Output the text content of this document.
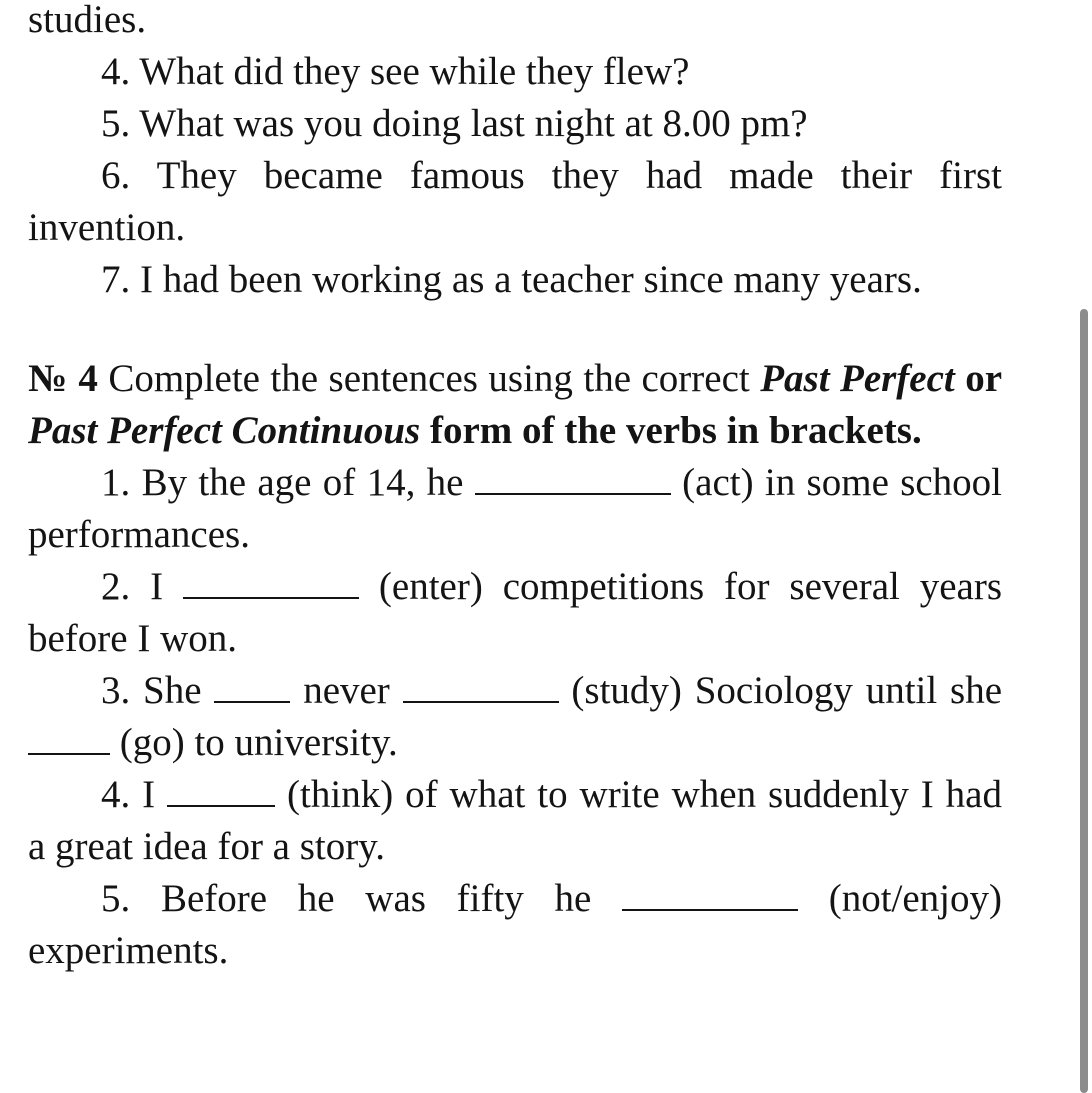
studies.

4. What did they see while they flew?

5. What was you doing last night at 8.00 pm?

6. They became famous they had made their first invention.

7. I had been working as a teacher since many years.

№ 4 Complete the sentences using the correct Past Perfect or Past Perfect Continuous form of the verbs in brackets.

1. By the age of 14, he	(act) in some school performances.

2. I	(enter) competitions for several years before I won.

3. She	never	(study) Sociology until she  (go) to university.

4. I	(think) of what to write when suddenly I had a great idea for a story.

5. Before he was fifty he	(not/enjoy) experiments.
